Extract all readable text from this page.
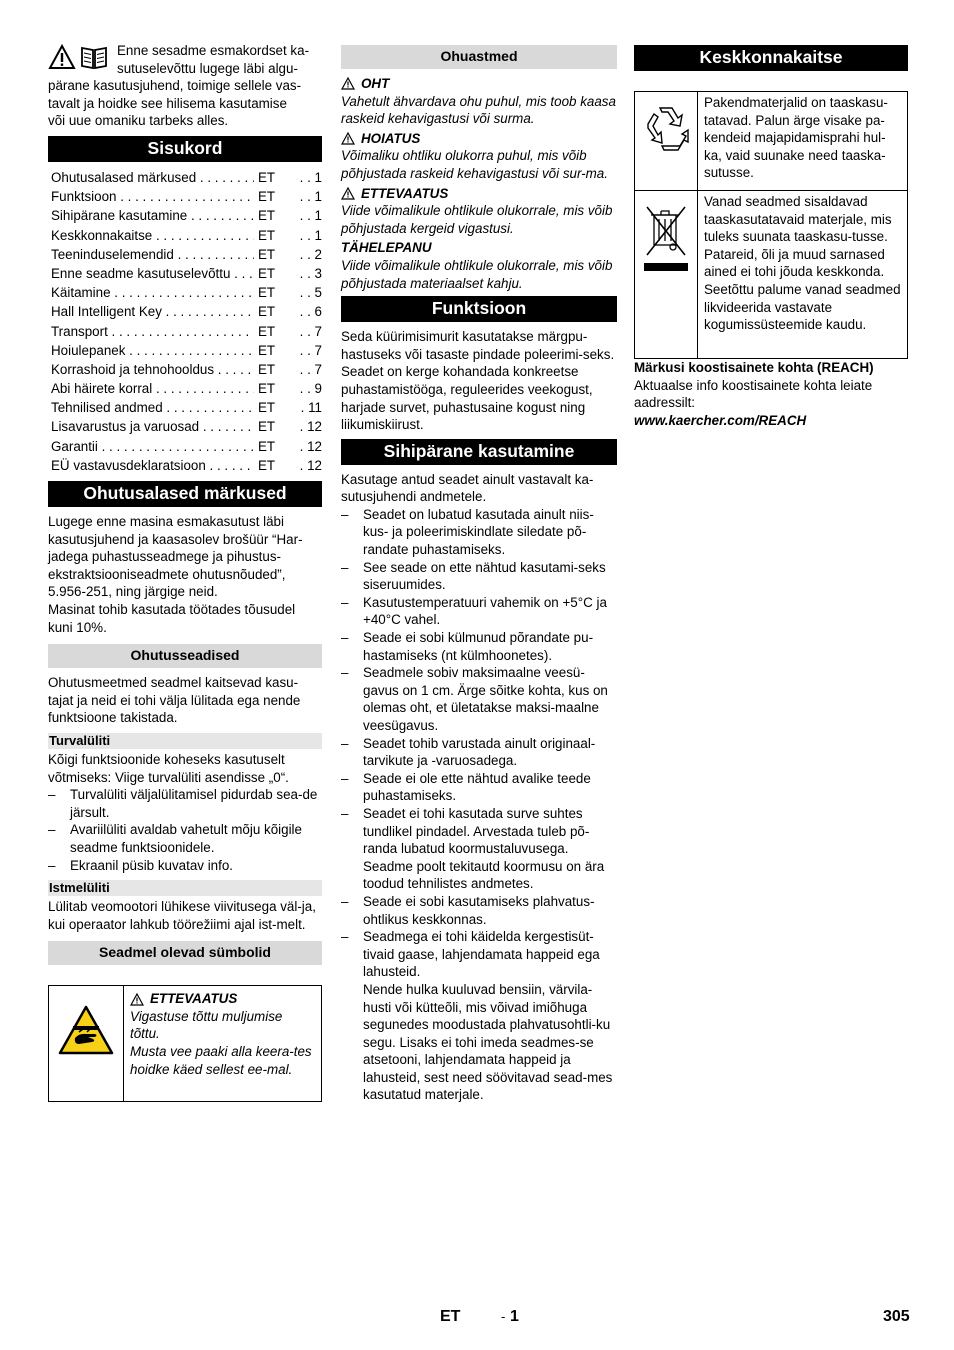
Enne sesadme esmakordset ka-
sutuselevõttu lugege läbi algu-
pärane kasutusjuhend, toimige sellele vas-
tavalt ja hoidke see hilisema kasutamise
või uue omaniku tarbeks alles.

Sisukord
Ohutusalased märkused . . .	ET	. . 1
Funktsioon . . .	ET	. . 1
Sihipärane kasutamine . . .	ET	. . 1
Keskkonnakaitse . . .	ET	. . 1
Teeninduselemendid . . .	ET	. . 2
Enne seadme kasutuselevõttu . . .	ET	. . 3
Käitamine . . .	ET	. . 5
Hall Intelligent Key . . .	ET	. . 6
Transport . . .	ET	. . 7
Hoiulepanek . . .	ET	. . 7
Korrashoid ja tehnohooldus . . .	ET	. . 7
Abi häirete korral . . .	ET	. . 9
Tehnilised andmed . . .	ET	. 11
Lisavarustus ja varuosad . . .	ET	. 12
Garantii . . .	ET	. 12
EÜ vastavusdeklaratsioon . . .	ET	. 12
Ohutusalased märkused

Lugege enne masina esmakasutust läbi kasutusjuhend ja kaasasolev brošüür “Har-jadega puhastusseadmege ja pihustus-ekstraktsiooniseadmete ohutusnõuded”, 5.956-251, ning järgige neid.

Masinat tohib kasutada töötades tõusudel kuni 10%.

Ohutusseadised

Ohutusmeetmed seadmel kaitsevad kasu-tajat ja neid ei tohi välja lülitada ega nende funktsioone takistada.

Turvalüliti

Kõigi funktsioonide koheseks kasutuselt võtmiseks: Viige turvalüliti asendisse „0“.

– Turvalüliti väljalülitamisel pidurdab sea-de järsult.
– Avariilüliti avaldab vahetult mõju kõigile seadme funktsioonidele.
– Ekraanil püsib kuvatav info.
Istmelüliti

Lülitab veomootori lühikese viivitusega väl-ja, kui operaator lahkub töörežiimi ajal ist-melt.

Seadmel olevad sümbolid
ETTEVAATUS

Vigastuse tõttu muljumise tõttu.
Musta vee paaki alla keera-tes hoidke käed sellest ee-mal.

Ohuastmed
OHT

Vahetult ähvardava ohu puhul, mis toob kaasa raskeid kehavigastusi või surma.

HOIATUS

Võimaliku ohtliku olukorra puhul, mis võib põhjustada raskeid kehavigastusi või sur-ma.

ETTEVAATUS

Viide võimalikule ohtlikule olukorrale, mis võib põhjustada kergeid vigastusi.

TÄHELEPANU

Viide võimalikule ohtlikule olukorrale, mis võib põhjustada materiaalset kahju.

Funktsioon

Seda küürimisimurit kasutatakse märgpu-hastuseks või tasaste pindade poleerimi-seks.

Seadet on kerge kohandada konkreetse puhastamistööga, reguleerides veekogust, harjade survet, puhastusaine kogust ning liikumiskiirust.

Sihipärane kasutamine

Kasutage antud seadet ainult vastavalt ka-sutusjuhendi andmetele.

– Seadet on lubatud kasutada ainult niis-kus- ja poleerimiskindlate siledate põ-randate puhastamiseks.
– See seade on ette nähtud kasutami-seks siseruumides.
– Kasutustemperatuuri vahemik on +5°C ja +40°C vahel.
– Seade ei sobi külmunud põrandate pu-hastamiseks (nt külmhoonetes).
– Seadmele sobiv maksimaalne veesü-gavus on 1 cm. Ärge sõitke kohta, kus on olemas oht, et ületatakse maksi-maalne veesügavus.
– Seadet tohib varustada ainult originaal-tarvikute ja -varuosadega.
– Seade ei ole ette nähtud avalike teede puhastamiseks.
– Seadet ei tohi kasutada surve suhtes tundlikel pindadel. Arvestada tuleb põ-randa lubatud koormustaluvusega. Seadme poolt tekitautd koormusu on ära toodud tehnilistes andmetes.
– Seade ei sobi kasutamiseks plahvatus-ohtlikus keskkonnas.
– Seadmega ei tohi käidelda kergestisüt-tivaid gaase, lahjendamata happeid ega lahusteid.
Nende hulka kuuluvad bensiin, värvila-husti või kütteõli, mis võivad imiõhuga segunedes moodustada plahvatusohtli-ku segu. Lisaks ei tohi imeda seadmes-se atsetooni, lahjendamata happeid ja lahusteid, sest need söövitavad sead-mes kasutatud materjale.
Keskkonnakaitse
Pakendmaterjalid on taaskasu-tatavad. Palun ärge visake pa-kendeid majapidamisprahi hul-ka, vaid suunake need taaska-sutusse.
Vanad seadmed sisaldavad taaskasutatavaid materjale, mis tuleks suunata taaskasu-tusse. Patareid, õli ja muud sarnased ained ei tohi jõuda keskkonda. Seetõttu palume vanad seadmed likvideerida vastavate kogumissüsteemide kaudu.

Märkusi koostisainete kohta (REACH)

Aktuaalse info koostisainete kohta leiate aadressilt:

www.kaercher.com/REACH

ET	- 1	305
